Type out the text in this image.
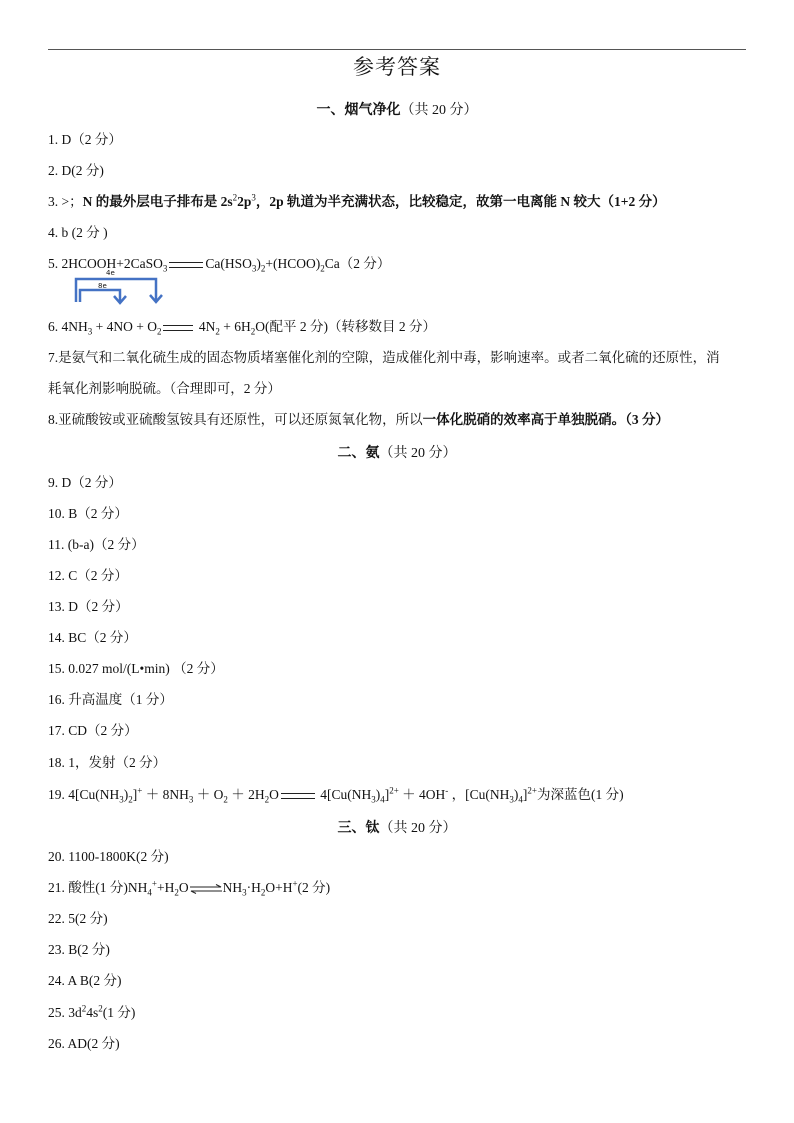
参考答案
一、烟气净化（共 20 分）
1. D（2 分）
2. D(2 分)
3. >；N 的最外层电子排布是 $2s^22p^3$，2p 轨道为半充满状态，比较稳定，故第一电离能 N 较大（1+2 分）
4. b (2 分 )
5. 2HCOOH+2CaSO$_3$	$Ca(HSO_3)_2+(HCOO)_2Ca(2$ 分）
4e
8e
6. $4NH_3 + 4NO + O_2$	$4N_2 + 6H_2O$(配平 2 分)（转移数目 2 分）
7.是氨气和二氧化硫生成的固态物质堵塞催化剂的空隙，造成催化剂中毒，影响速率。或者二氧化硫的还原性，消
耗氧化剂影响脱硫。（合理即可，2 分）
8.亚硫酸铵或亚硫酸氢铵具有还原性，可以还原氮氧化物，所以一体化脱硝的效率高于单独脱硝。（3 分）
二、氨（共 20 分）
9. D（2 分）
10. B（2 分）
11. (b-a)（2 分）
12. C（2 分）
13. D（2 分）
14. BC（2 分）
15. 0.027 mol/(L•min) （2 分）
16. 升高温度（1 分）
17. CD（2 分）
18. 1，发射（2 分）
19. $4[Cu(NH_3)_2]^+ + 8NH_3 + O_2 + 2H_2O$	$4[Cu(NH_3)_4]^{2+} + 4OH^-$ ，$[Cu(NH_3)_4]^{2+}$为深蓝色(1 分)
三、钛（共 20 分）
20. 1100-1800K(2 分)
21. 酸性(1 分)$NH_4^++H_2O\rightleftharpoons NH_3\cdot H_2O+H^+(2$ 分)
22. 5(2 分)
23. B(2 分)
24. A B(2 分)
25. $3d^24s^2(1$ 分)
26. AD(2 分)
